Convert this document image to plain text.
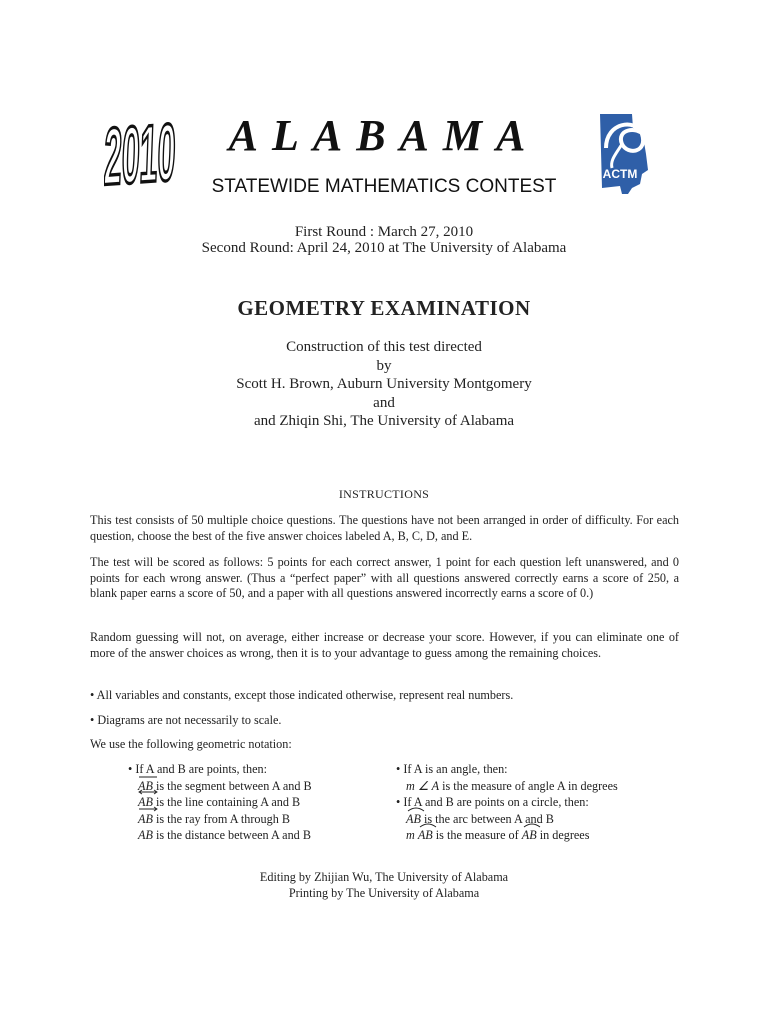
2010	ALABAMA
STATEWIDE MATHEMATICS CONTEST
ACTM
First Round : March 27, 2010
Second Round: April 24, 2010 at The University of Alabama
GEOMETRY EXAMINATION
Construction of this test directed
by
Scott H. Brown, Auburn University Montgomery
and
and Zhiqin Shi, The University of Alabama
INSTRUCTIONS
This test consists of 50 multiple choice questions. The questions have not been arranged in order of difficulty. For each question, choose the best of the five answer choices labeled A, B, C, D, and E.
The test will be scored as follows: 5 points for each correct answer, 1 point for each question left unanswered, and 0 points for each wrong answer. (Thus a “perfect paper” with all questions answered correctly earns a score of 250, a blank paper earns a score of 50, and a paper with all questions answered incorrectly earns a score of 0.)
Random guessing will not, on average, either increase or decrease your score. However, if you can eliminate one of more of the answer choices as wrong, then it is to your advantage to guess among the remaining choices.
• All variables and constants, except those indicated otherwise, represent real numbers.
• Diagrams are not necessarily to scale.
We use the following geometric notation:
• If A and B are points, then:
AB is the segment between A and B
AB is the line containing A and B
AB is the ray from A through B
AB is the distance between A and B
• If A is an angle, then:
m ∠ A is the measure of angle A in degrees
• If A and B are points on a circle, then:
AB is the arc between A and B
m AB is the measure of AB in degrees
Editing by Zhijian Wu, The University of Alabama
Printing by The University of Alabama
